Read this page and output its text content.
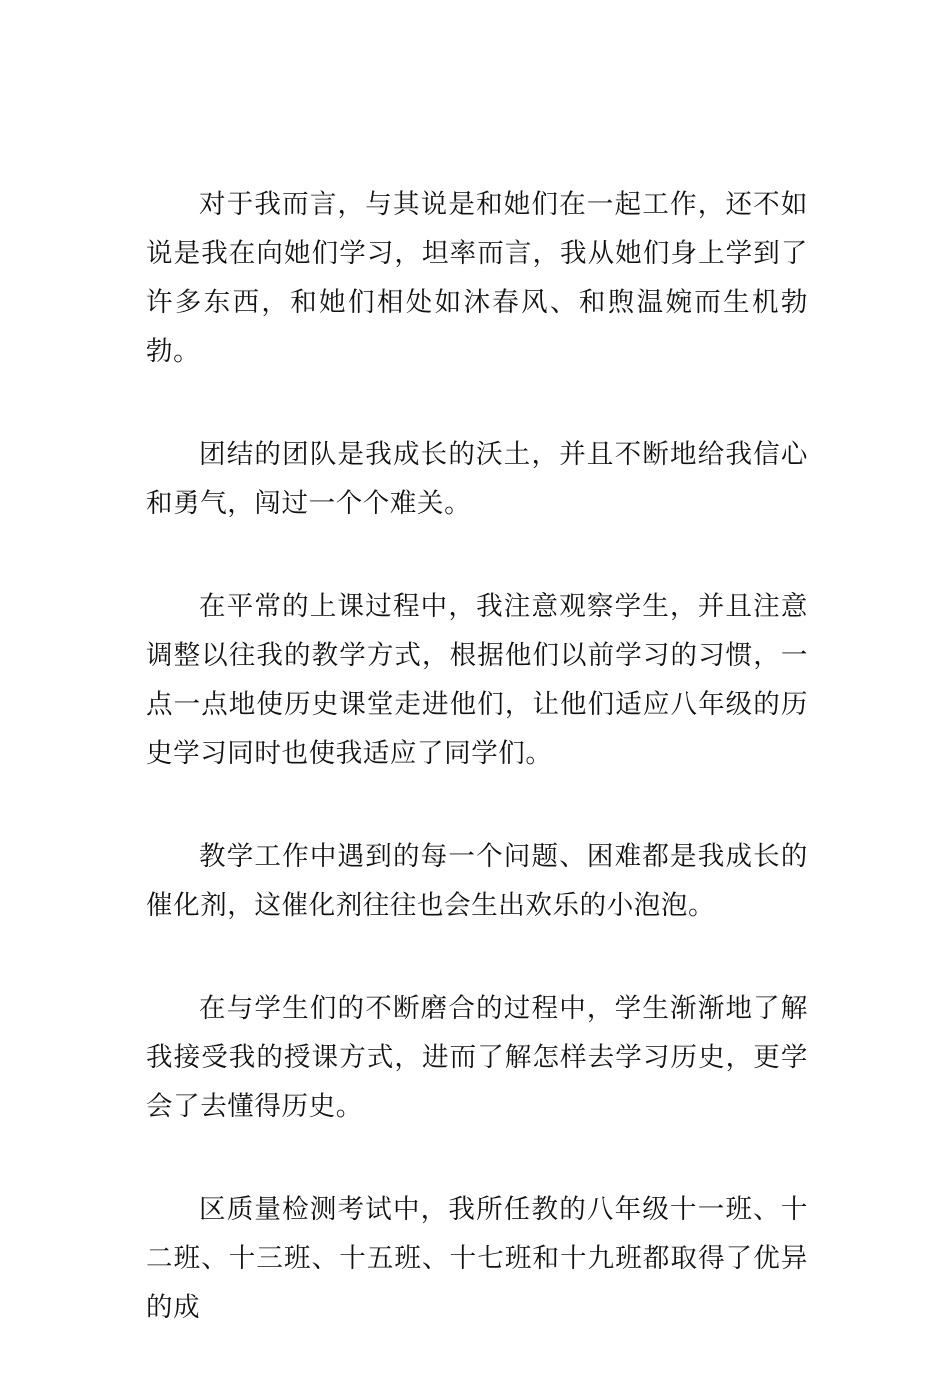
对于我而言，与其说是和她们在一起工作，还不如说是我在向她们学习，坦率而言，我从她们身上学到了许多东西，和她们相处如沐春风、和煦温婉而生机勃勃。

团结的团队是我成长的沃土，并且不断地给我信心和勇气，闯过一个个难关。

在平常的上课过程中，我注意观察学生，并且注意调整以往我的教学方式，根据他们以前学习的习惯，一点一点地使历史课堂走进他们，让他们适应八年级的历史学习同时也使我适应了同学们。

教学工作中遇到的每一个问题、困难都是我成长的催化剂，这催化剂往往也会生出欢乐的小泡泡。

在与学生们的不断磨合的过程中，学生渐渐地了解我接受我的授课方式，进而了解怎样去学习历史，更学会了去懂得历史。

区质量检测考试中，我所任教的八年级十一班、十二班、十三班、十五班、十七班和十九班都取得了优异的成
